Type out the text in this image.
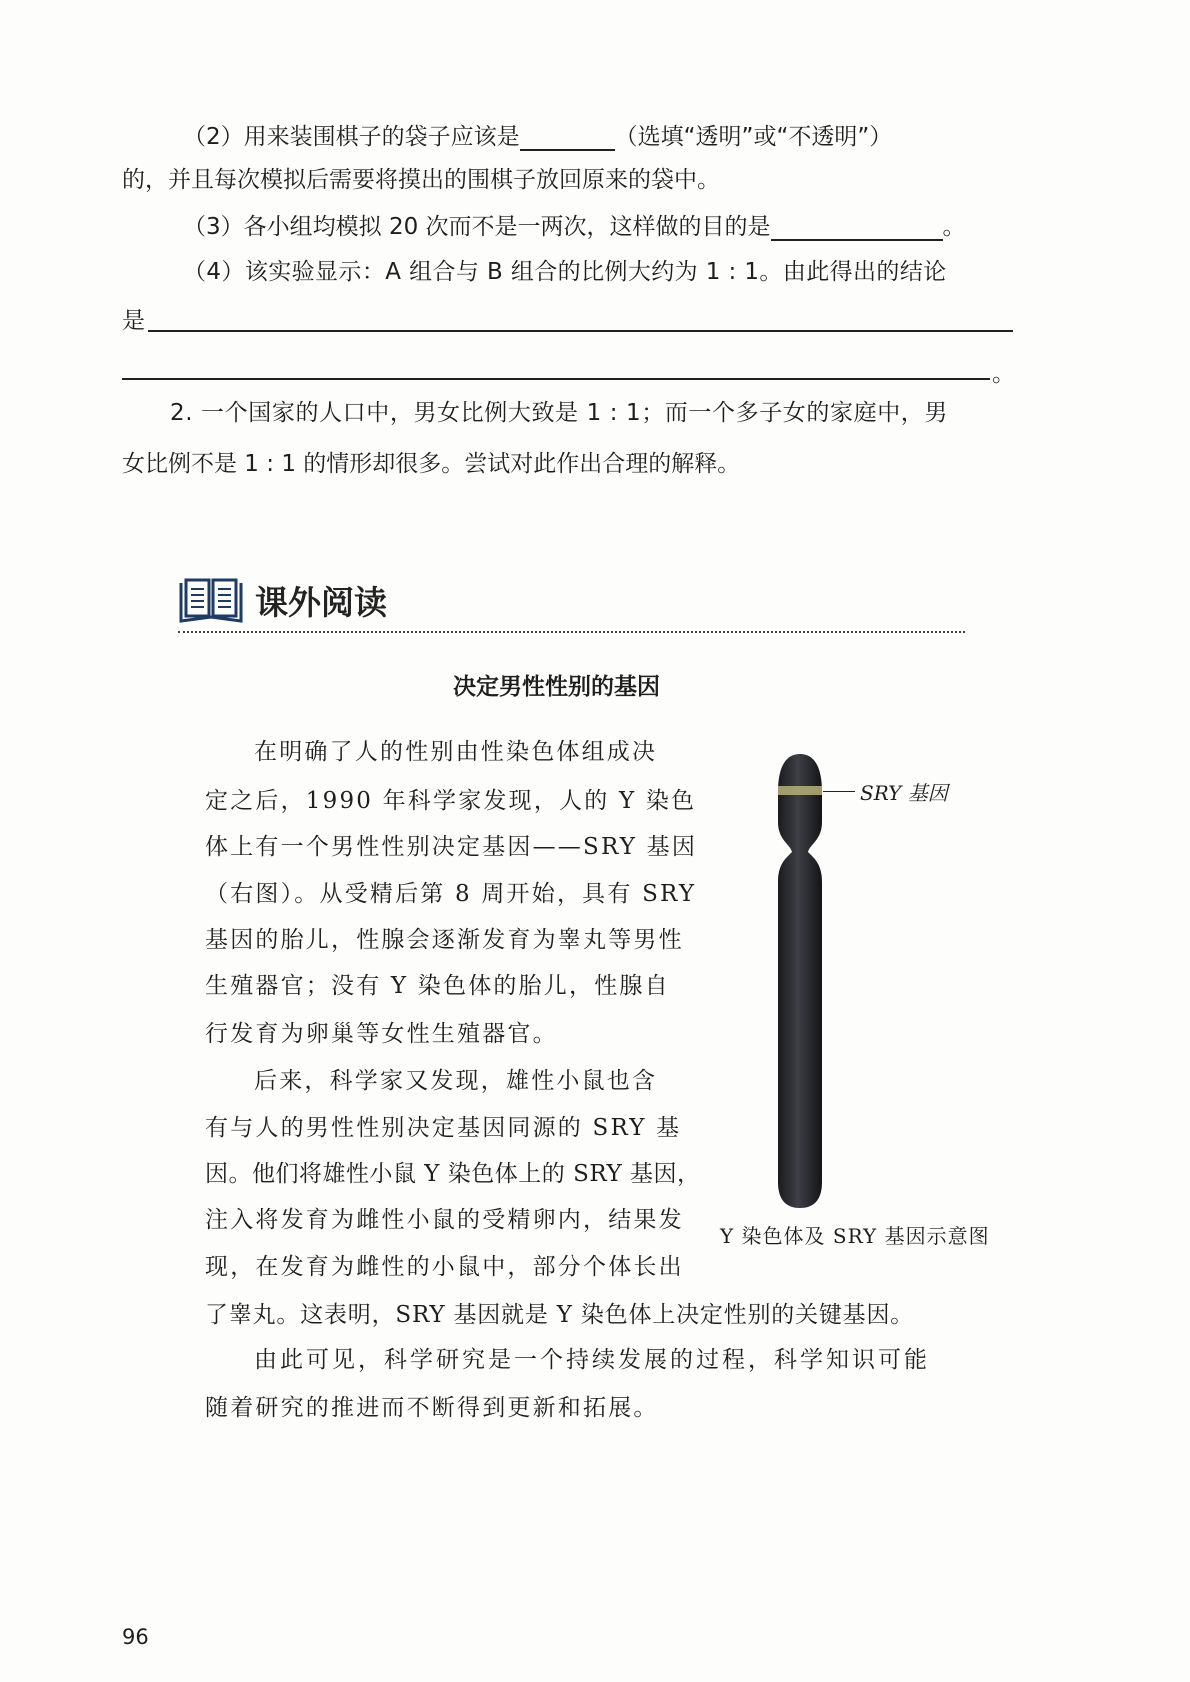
（2）用来装围棋子的袋子应该是	（选填“透明”或“不透明”）
的，并且每次模拟后需要将摸出的围棋子放回原来的袋中。
（3）各小组均模拟 20 次而不是一两次，这样做的目的是	。
（4）该实验显示：A 组合与 B 组合的比例大约为 1 : 1。由此得出的结论
是
。
2. 一个国家的人口中，男女比例大致是 1 : 1；而一个多子女的家庭中，男
女比例不是 1 : 1 的情形却很多。尝试对此作出合理的解释。
课外阅读
决定男性性别的基因
在明确了人的性别由性染色体组成决
定之后，1990 年科学家发现，人的 Y 染色
体上有一个男性性别决定基因——SRY 基因
（右图）。从受精后第 8 周开始，具有 SRY
基因的胎儿，性腺会逐渐发育为睾丸等男性
生殖器官；没有 Y 染色体的胎儿，性腺自
行发育为卵巢等女性生殖器官。
后来，科学家又发现，雄性小鼠也含
有与人的男性性别决定基因同源的 SRY 基
因。他们将雄性小鼠 Y 染色体上的 SRY 基因，
注入将发育为雌性小鼠的受精卵内，结果发
现，在发育为雌性的小鼠中，部分个体长出
了睾丸。这表明，SRY 基因就是 Y 染色体上决定性别的关键基因。
由此可见，科学研究是一个持续发展的过程，科学知识可能
随着研究的推进而不断得到更新和拓展。
SRY 基因
Y 染色体及 SRY 基因示意图
96
